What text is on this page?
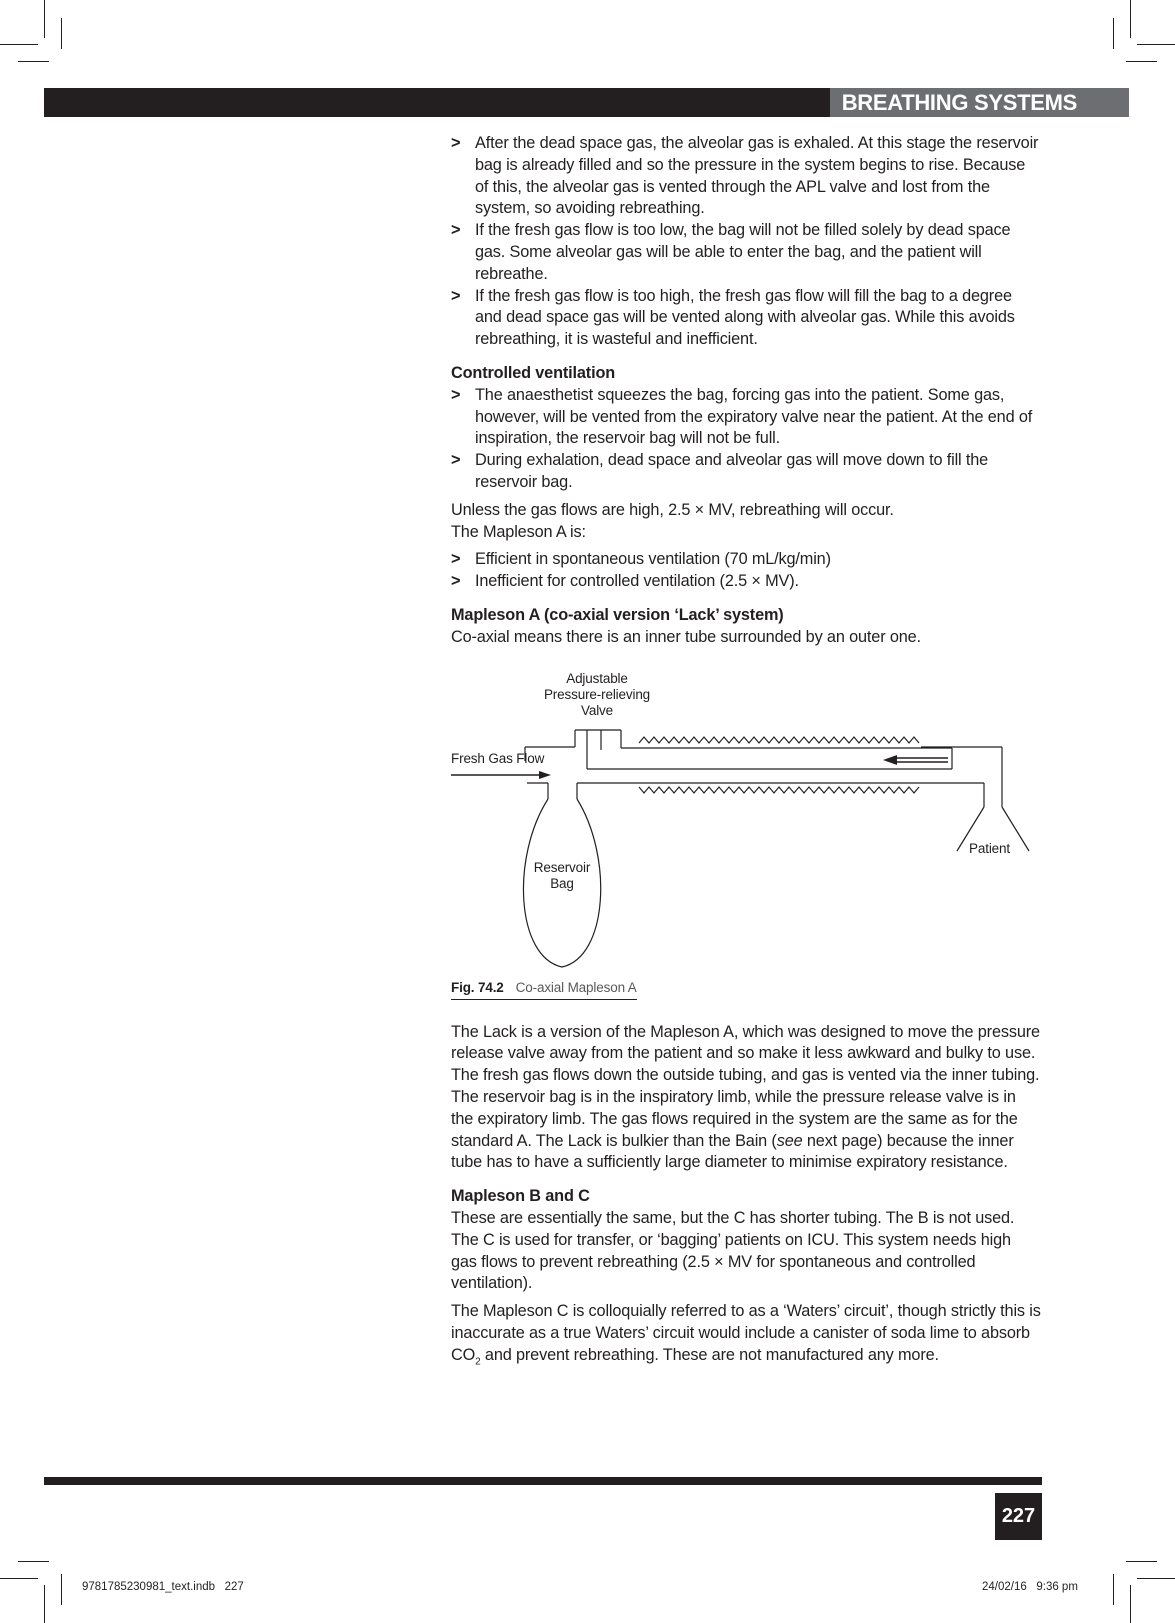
BREATHING SYSTEMS
> After the dead space gas, the alveolar gas is exhaled. At this stage the reservoir bag is already filled and so the pressure in the system begins to rise. Because of this, the alveolar gas is vented through the APL valve and lost from the system, so avoiding rebreathing.
> If the fresh gas flow is too low, the bag will not be filled solely by dead space gas. Some alveolar gas will be able to enter the bag, and the patient will rebreathe.
> If the fresh gas flow is too high, the fresh gas flow will fill the bag to a degree and dead space gas will be vented along with alveolar gas. While this avoids rebreathing, it is wasteful and inefficient.

Controlled ventilation

> The anaesthetist squeezes the bag, forcing gas into the patient. Some gas, however, will be vented from the expiratory valve near the patient. At the end of inspiration, the reservoir bag will not be full.
> During exhalation, dead space and alveolar gas will move down to fill the reservoir bag.

Unless the gas flows are high, 2.5 × MV, rebreathing will occur.

The Mapleson A is:

> Efficient in spontaneous ventilation (70 mL/kg/min)
> Inefficient for controlled ventilation (2.5 × MV).

Mapleson A (co-axial version ‘Lack’ system)

Co-axial means there is an inner tube surrounded by an outer one.

Adjustable
Pressure-relieving
Valve
Fresh Gas Flow
Patient
Reservoir
Bag
Fig. 74.2 Co-axial Mapleson A

The Lack is a version of the Mapleson A, which was designed to move the pressure release valve away from the patient and so make it less awkward and bulky to use. The fresh gas flows down the outside tubing, and gas is vented via the inner tubing. The reservoir bag is in the inspiratory limb, while the pressure release valve is in the expiratory limb. The gas flows required in the system are the same as for the standard A. The Lack is bulkier than the Bain (see next page) because the inner tube has to have a sufficiently large diameter to minimise expiratory resistance.

Mapleson B and C

These are essentially the same, but the C has shorter tubing. The B is not used. The C is used for transfer, or ‘bagging’ patients on ICU. This system needs high gas flows to prevent rebreathing (2.5 × MV for spontaneous and controlled ventilation).

The Mapleson C is colloquially referred to as a ‘Waters’ circuit’, though strictly this is inaccurate as a true Waters’ circuit would include a canister of soda lime to absorb $CO_2$ and prevent rebreathing. These are not manufactured any more.

227
9781785230981_text.indb   227	24/02/16   9:36 pm
